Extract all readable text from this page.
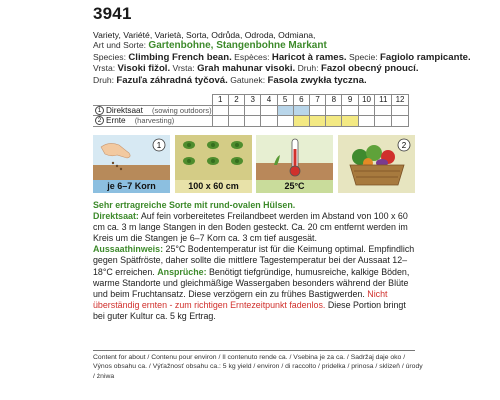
3941
Variety, Variété, Varietà, Sorta, Odrůda, Odroda, Odmiana,
Art und Sorte: Gartenbohne, Stangenbohne Markant
Species: Climbing French bean. Espèces: Haricot à rames. Specie: Fagiolo rampicante.
Vrsta: Visoki fižol. Vrsta: Grah mahunar visoki. Druh: Fazol obecný pnoucí.
Druh: Fazuľa záhradná tyčová. Gatunek: Fasola zwykła tyczna.
	1	2	3	4	5	6	7	8	9	10	11	12
1 Direktsaat (sowing outdoors)												
2 Ernte (harvesting)												
1
je 6–7 Korn	100 x 60 cm	25°C
2
Sehr ertragreiche Sorte mit rund-ovalen Hülsen.
Direktsaat: Auf fein vorbereitetes Freilandbeet werden im Abstand von 100 x 60 cm ca. 3 m lange Stangen in den Boden gesteckt. Ca. 20 cm entfernt werden im Kreis um die Stangen je 6–7 Korn ca. 3 cm tief ausgesät.
Aussaathinweis: 25°C Bodentemperatur ist für die Keimung optimal. Empfindlich gegen Spätfröste, daher sollte die mittlere Tagestemperatur bei der Aussaat 12–18°C erreichen. Ansprüche: Benötigt tiefgründige, humusreiche, kalkige Böden, warme Standorte und gleichmäßige Wassergaben besonders während der Blüte und beim Fruchtansatz. Diese verzögern ein zu frühes Bastigwerden. Nicht überständig ernten - zum richtigen Erntezeitpunkt fadenlos. Diese Portion bringt bei guter Kultur ca. 5 kg Ertrag.
Content for about / Contenu pour environ / Il contenuto rende ca. / Vsebina je za ca. / Sadržaj daje oko /
Výnos obsahu ca. / Výťažnosť obsahu ca.: 5 kg yield / environ / di raccolto / pridelka / prinosa / sklizeň / úrody / żniwa
